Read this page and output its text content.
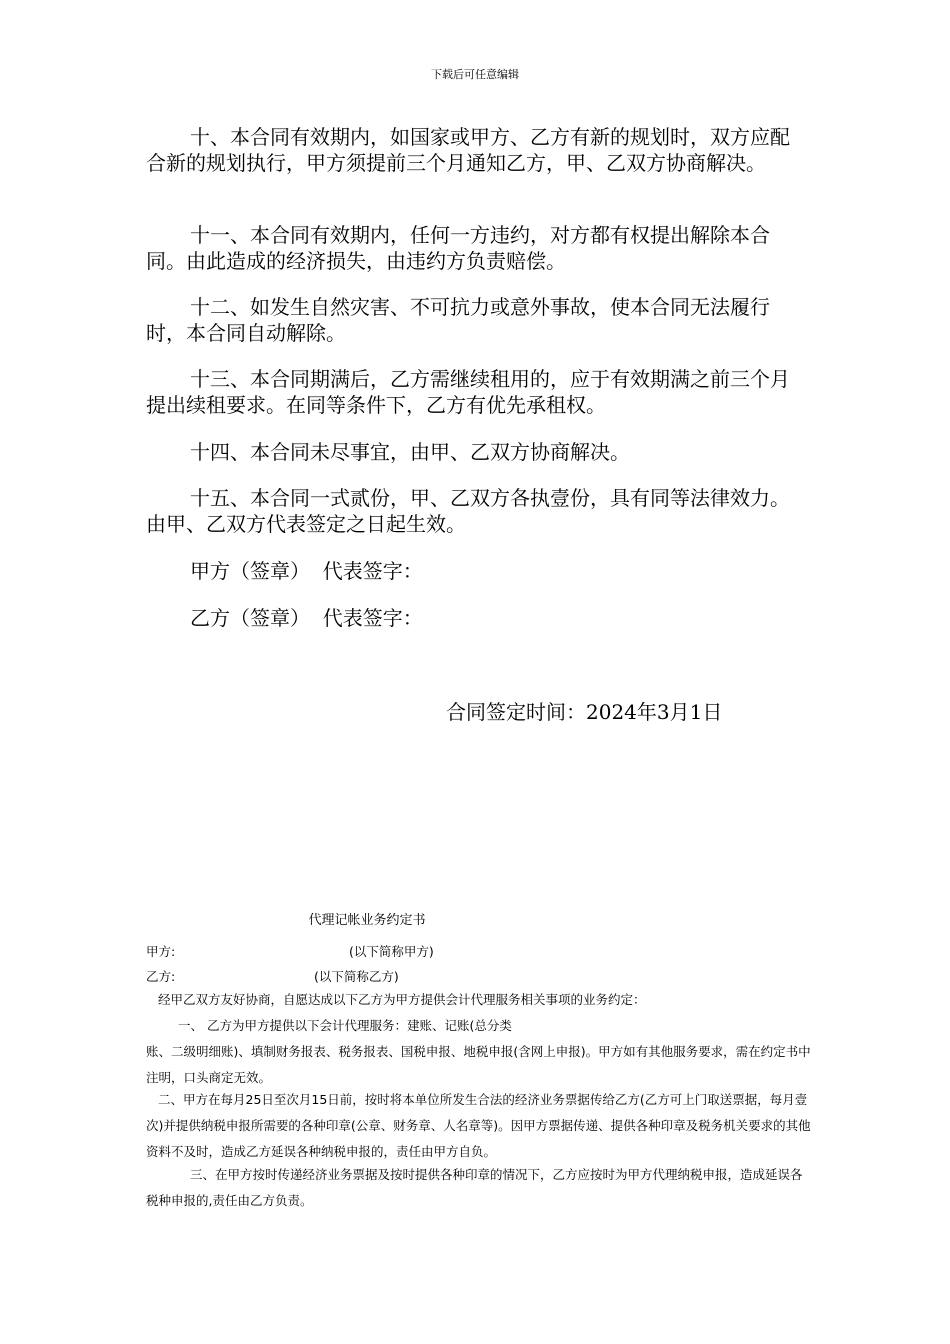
下载后可任意编辑

十、本合同有效期内，如国家或甲方、乙方有新的规划时，双方应配合新的规划执行，甲方须提前三个月通知乙方，甲、乙双方协商解决。

十一、本合同有效期内，任何一方违约，对方都有权提出解除本合同。由此造成的经济损失，由违约方负责赔偿。

十二、如发生自然灾害、不可抗力或意外事故，使本合同无法履行时，本合同自动解除。

十三、本合同期满后，乙方需继续租用的，应于有效期满之前三个月提出续租要求。在同等条件下，乙方有优先承租权。

十四、本合同未尽事宜，由甲、乙双方协商解决。

十五、本合同一式贰份，甲、乙双方各执壹份，具有同等法律效力。由甲、乙双方代表签定之日起生效。

甲方（签章）  代表签字：
乙方（签章）  代表签字：
合同签定时间：2024年3月1日
代理记帐业务约定书
甲方:	(以下简称甲方)
乙方:	(以下简称乙方)

经甲乙双方友好协商，自愿达成以下乙方为甲方提供会计代理服务相关事项的业务约定：

一、 乙方为甲方提供以下会计代理服务：建账、记账(总分类

账、二级明细账)、填制财务报表、税务报表、国税申报、地税申报(含网上申报)。甲方如有其他服务要求，需在约定书中注明，口头商定无效。

二、甲方在每月25日至次月15日前，按时将本单位所发生合法的经济业务票据传给乙方(乙方可上门取送票据，每月壹次)并提供纳税申报所需要的各种印章(公章、财务章、人名章等)。因甲方票据传递、提供各种印章及税务机关要求的其他资料不及时，造成乙方延误各种纳税申报的，责任由甲方自负。

三、在甲方按时传递经济业务票据及按时提供各种印章的情况下，乙方应按时为甲方代理纳税申报，造成延误各税种申报的,责任由乙方负责。
